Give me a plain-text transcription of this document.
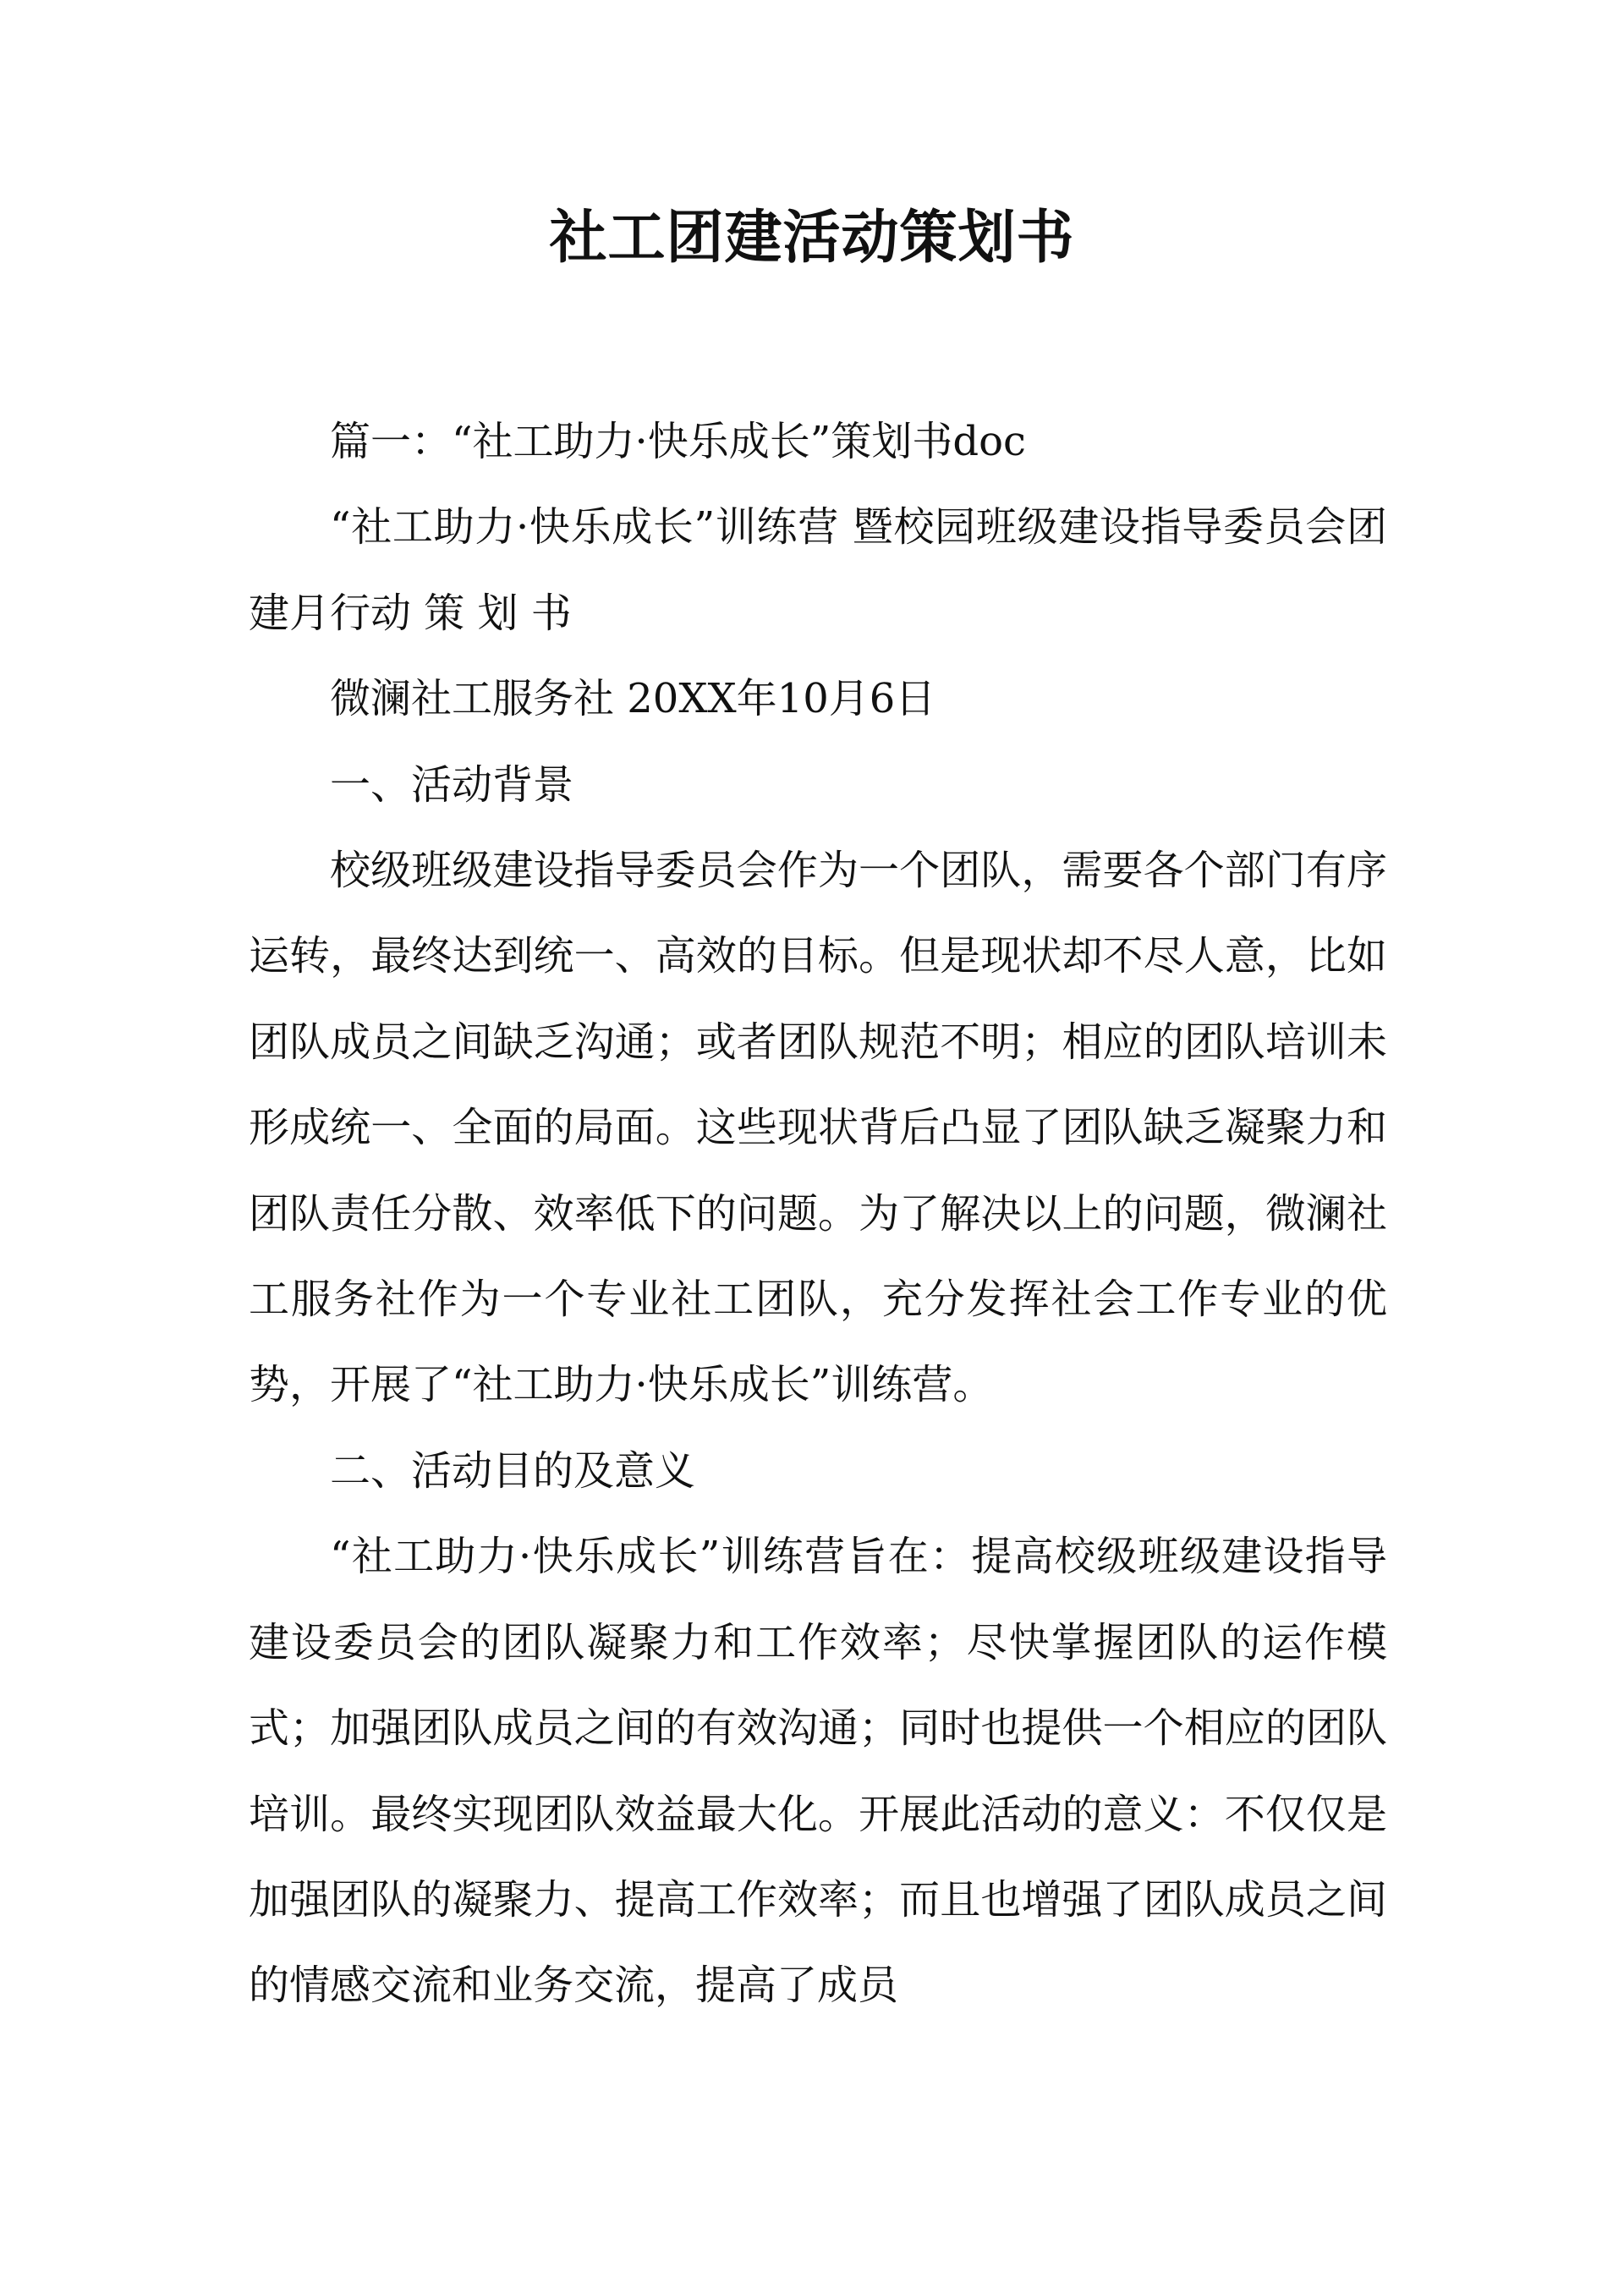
社工团建活动策划书

篇一：“社工助力·快乐成长”策划书doc

“社工助力·快乐成长”训练营 暨校园班级建设指导委员会团建月行动 策 划 书

微澜社工服务社 20XX年10月6日

一、活动背景

校级班级建设指导委员会作为一个团队，需要各个部门有序运转，最终达到统一、高效的目标。但是现状却不尽人意，比如团队成员之间缺乏沟通；或者团队规范不明；相应的团队培训未形成统一、全面的局面。这些现状背后凸显了团队缺乏凝聚力和团队责任分散、效率低下的问题。为了解决以上的问题，微澜社工服务社作为一个专业社工团队，充分发挥社会工作专业的优势，开展了“社工助力·快乐成长”训练营。

二、活动目的及意义

“社工助力·快乐成长”训练营旨在：提高校级班级建设指导建设委员会的团队凝聚力和工作效率；尽快掌握团队的运作模式；加强团队成员之间的有效沟通；同时也提供一个相应的团队培训。最终实现团队效益最大化。开展此活动的意义：不仅仅是加强团队的凝聚力、提高工作效率；而且也增强了团队成员之间的情感交流和业务交流，提高了成员
